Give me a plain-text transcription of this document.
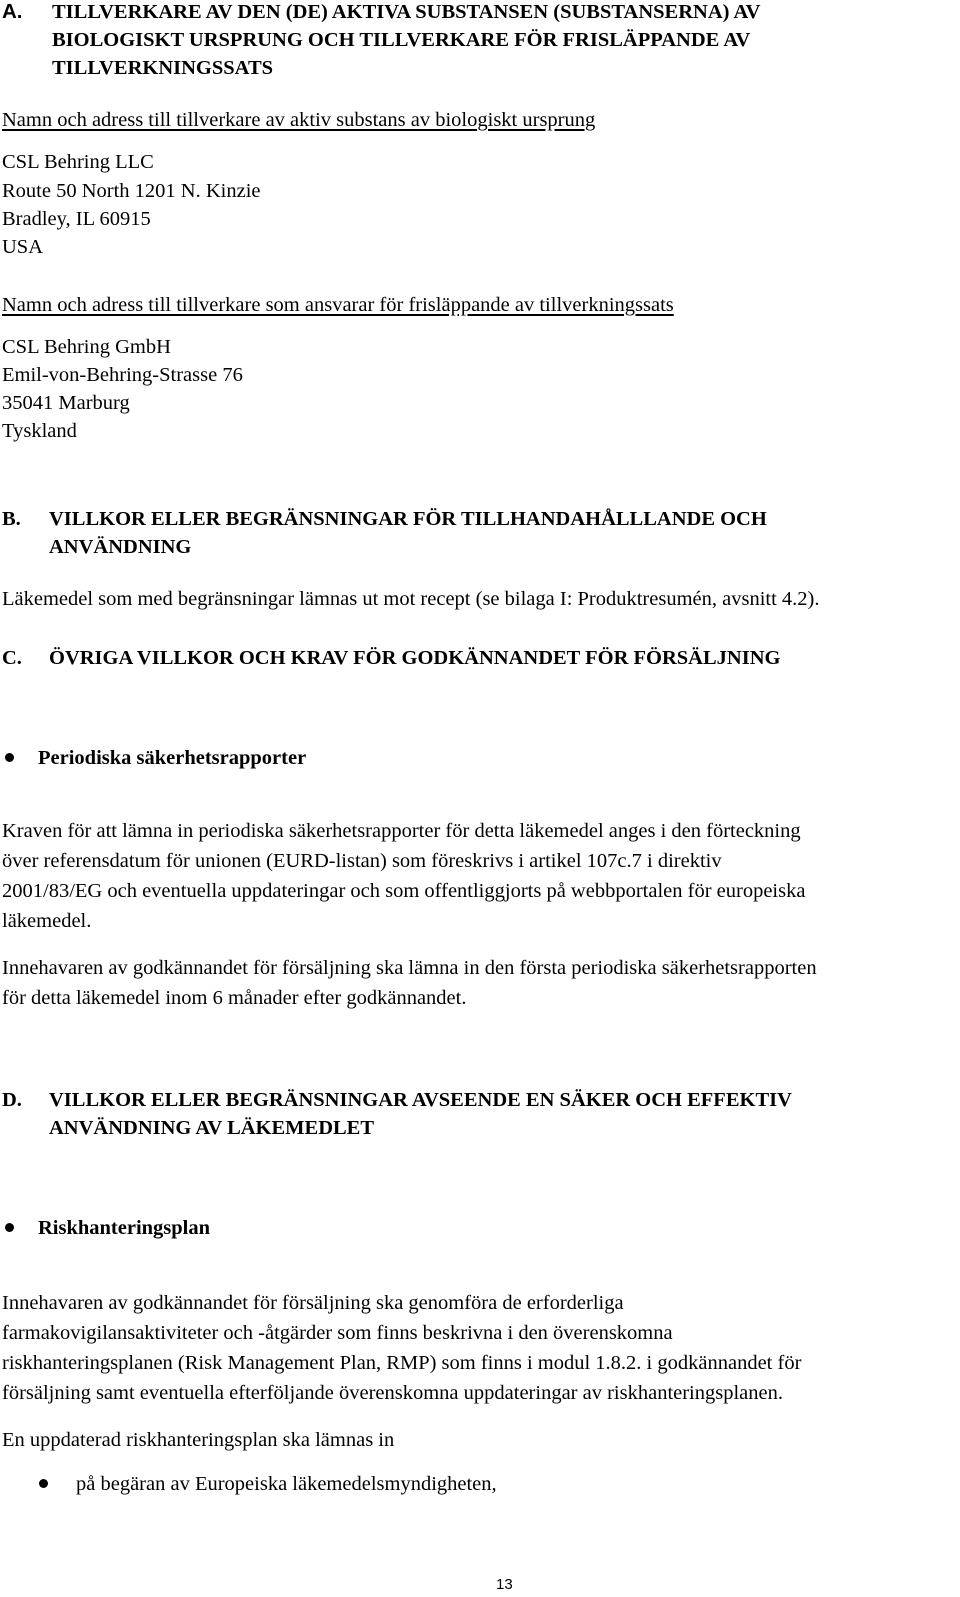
A. TILLVERKARE AV DEN (DE) AKTIVA SUBSTANSEN (SUBSTANSERNA) AV
BIOLOGISKT URSPRUNG OCH TILLVERKARE FÖR FRISLÄPPANDE AV
TILLVERKNINGSSATS
Namn och adress till tillverkare av aktiv substans av biologiskt ursprung
CSL Behring LLC
Route 50 North 1201 N. Kinzie
Bradley, IL 60915
USA
Namn och adress till tillverkare som ansvarar för frisläppande av tillverkningssats
CSL Behring GmbH
Emil-von-Behring-Strasse 76
35041 Marburg
Tyskland
B. VILLKOR ELLER BEGRÄNSNINGAR FÖR TILLHANDAHÅLLLANDE OCH
ANVÄNDNING
Läkemedel som med begränsningar lämnas ut mot recept (se bilaga I: Produktresumén, avsnitt 4.2).
C. ÖVRIGA VILLKOR OCH KRAV FÖR GODKÄNNANDET FÖR FÖRSÄLJNING
Periodiska säkerhetsrapporter
Kraven för att lämna in periodiska säkerhetsrapporter för detta läkemedel anges i den förteckning
över referensdatum för unionen (EURD-listan) som föreskrivs i artikel 107c.7 i direktiv
2001/83/EG och eventuella uppdateringar och som offentliggjorts på webbportalen för europeiska
läkemedel.
Innehavaren av godkännandet för försäljning ska lämna in den första periodiska säkerhetsrapporten
för detta läkemedel inom 6 månader efter godkännandet.
D. VILLKOR ELLER BEGRÄNSNINGAR AVSEENDE EN SÄKER OCH EFFEKTIV
ANVÄNDNING AV LÄKEMEDLET
Riskhanteringsplan
Innehavaren av godkännandet för försäljning ska genomföra de erforderliga
farmakovigilansaktiviteter och -åtgärder som finns beskrivna i den överenskomna
riskhanteringsplanen (Risk Management Plan, RMP) som finns i modul 1.8.2. i godkännandet för
försäljning samt eventuella efterföljande överenskomna uppdateringar av riskhanteringsplanen.
En uppdaterad riskhanteringsplan ska lämnas in
på begäran av Europeiska läkemedelsmyndigheten,
13
